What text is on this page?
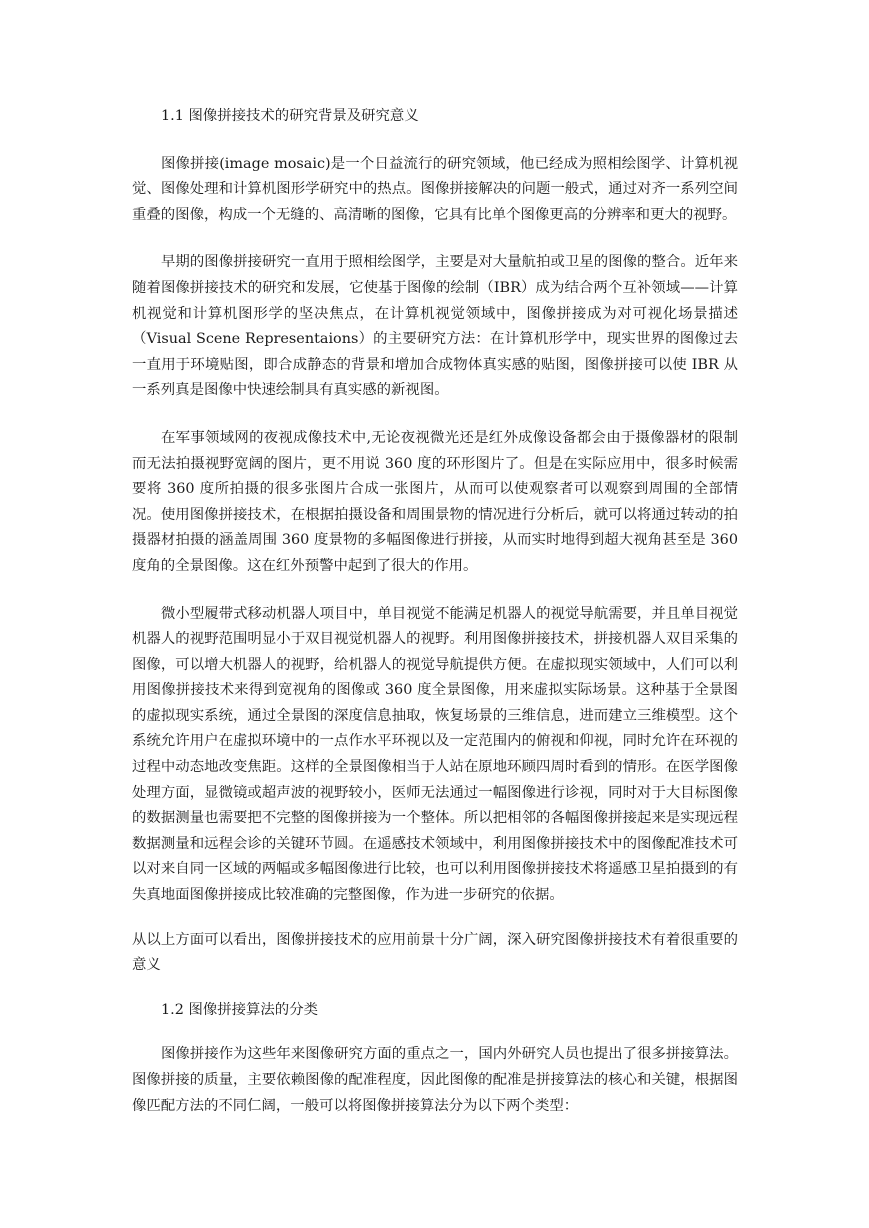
1.1 图像拼接技术的研究背景及研究意义

图像拼接(image mosaic)是一个日益流行的研究领域，他已经成为照相绘图学、计算机视觉、图像处理和计算机图形学研究中的热点。图像拼接解决的问题一般式，通过对齐一系列空间重叠的图像，构成一个无缝的、高清晰的图像，它具有比单个图像更高的分辨率和更大的视野。

早期的图像拼接研究一直用于照相绘图学，主要是对大量航拍或卫星的图像的整合。近年来随着图像拼接技术的研究和发展，它使基于图像的绘制（IBR）成为结合两个互补领域——计算机视觉和计算机图形学的坚决焦点，在计算机视觉领域中，图像拼接成为对可视化场景描述（Visual Scene Representaions）的主要研究方法：在计算机形学中，现实世界的图像过去一直用于环境贴图，即合成静态的背景和增加合成物体真实感的贴图，图像拼接可以使 IBR 从一系列真是图像中快速绘制具有真实感的新视图。

在军事领域网的夜视成像技术中,无论夜视微光还是红外成像设备都会由于摄像器材的限制而无法拍摄视野宽阔的图片，更不用说 360 度的环形图片了。但是在实际应用中，很多时候需要将 360 度所拍摄的很多张图片合成一张图片，从而可以使观察者可以观察到周围的全部情况。使用图像拼接技术，在根据拍摄设备和周围景物的情况进行分析后，就可以将通过转动的拍摄器材拍摄的涵盖周围 360 度景物的多幅图像进行拼接，从而实时地得到超大视角甚至是 360 度角的全景图像。这在红外预警中起到了很大的作用。

微小型履带式移动机器人项目中，单目视觉不能满足机器人的视觉导航需要，并且单目视觉机器人的视野范围明显小于双目视觉机器人的视野。利用图像拼接技术，拼接机器人双目采集的图像，可以增大机器人的视野，给机器人的视觉导航提供方便。在虚拟现实领域中，人们可以利用图像拼接技术来得到宽视角的图像或 360 度全景图像，用来虚拟实际场景。这种基于全景图的虚拟现实系统，通过全景图的深度信息抽取，恢复场景的三维信息，进而建立三维模型。这个系统允许用户在虚拟环境中的一点作水平环视以及一定范围内的俯视和仰视，同时允许在环视的过程中动态地改变焦距。这样的全景图像相当于人站在原地环顾四周时看到的情形。在医学图像处理方面，显微镜或超声波的视野较小，医师无法通过一幅图像进行诊视，同时对于大目标图像的数据测量也需要把不完整的图像拼接为一个整体。所以把相邻的各幅图像拼接起来是实现远程数据测量和远程会诊的关键环节圆。在遥感技术领域中，利用图像拼接技术中的图像配准技术可以对来自同一区域的两幅或多幅图像进行比较，也可以利用图像拼接技术将遥感卫星拍摄到的有失真地面图像拼接成比较准确的完整图像，作为进一步研究的依据。

从以上方面可以看出，图像拼接技术的应用前景十分广阔，深入研究图像拼接技术有着很重要的意义

1.2 图像拼接算法的分类

图像拼接作为这些年来图像研究方面的重点之一，国内外研究人员也提出了很多拼接算法。图像拼接的质量，主要依赖图像的配准程度，因此图像的配准是拼接算法的核心和关键，根据图像匹配方法的不同仁阔，一般可以将图像拼接算法分为以下两个类型：
